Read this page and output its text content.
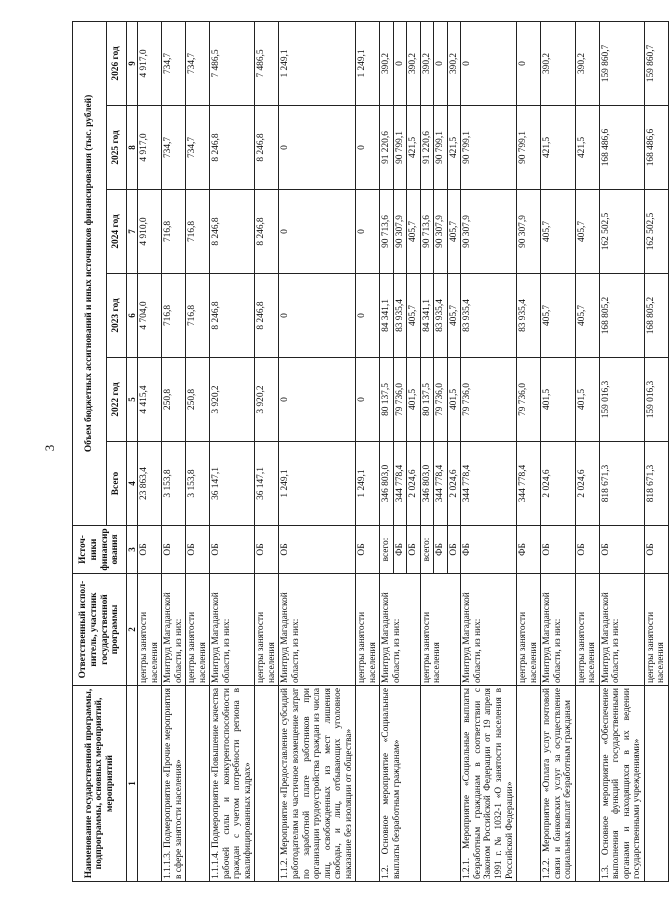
3
Наименование государственной программы, подпрограммы, основных мероприятий, мероприятий	Ответственный испол-нитель, участник государственной программы	Источ-ники финансир ования	Объем бюджетных ассигнований и иных источников финансирования (тыс. рублей)					
			Всего	2022 год	2023 год	2024 год	2025 год	2026 год
1	2	3	4	5	6	7	8	9
	центры занятости населения	ОБ	23 863,4	4 415,4	4 704,0	4 910,0	4 917,0	4 917,0
1.1.1.3. Подмероприятие «Прочие мероприятия в сфере занятости населения»	Минтруд Магаданской области, из них:	ОБ	3 153,8	250,8	716,8	716,8	734,7	734,7
	центры занятости населения	ОБ	3 153,8	250,8	716,8	716,8	734,7	734,7
1.1.1.4. Подмероприятие «Повышение качества рабочей силы и конкурентоспособности граждан с учетом потребности региона в квалифицированных кадрах»	Минтруд Магаданской области, из них:	ОБ	36 147,1	3 920,2	8 246,8	8 246,8	8 246,8	7 486,5
	центры занятости населения	ОБ	36 147,1	3 920,2	8 246,8	8 246,8	8 246,8	7 486,5
1.1.2. Мероприятие «Предоставление субсидий работодателям на частичное возмещение затрат по заработной плате работников при организации трудоустройства граждан из числа лиц, освобожденных из мест лишения свободы, и лиц, отбывающих уголовное наказание без изоляции от общества»	Минтруд Магаданской области, из них:	ОБ	1 249,1	0	0	0	0	1 249,1
	центры занятости населения	ОБ	1 249,1	0	0	0	0	1 249,1
1.2. Основное мероприятие «Социальные выплаты безработным гражданам»	Минтруд Магаданской области, из них:	всего:	346 803,0	80 137,5	84 341,1	90 713,6	91 220,6	390,2
		ФБ	344 778,4	79 736,0	83 935,4	90 307,9	90 799,1	0
		ОБ	2 024,6	401,5	405,7	405,7	421,5	390,2
	центры занятости населения	всего:	346 803,0	80 137,5	84 341,1	90 713,6	91 220,6	390,2
		ФБ	344 778,4	79 736,0	83 935,4	90 307,9	90 799,1	0
		ОБ	2 024,6	401,5	405,7	405,7	421,5	390,2
1.2.1. Мероприятие «Социальные выплаты безработным гражданам в соответствии с Законом Российской Федерации от 19 апреля 1991 г. № 1032-1 «О занятости населения в Российской Федерации»	Минтруд Магаданской области, из них:	ФБ	344 778,4	79 736,0	83 935,4	90 307,9	90 799,1	0
	центры занятости населения	ФБ	344 778,4	79 736,0	83 935,4	90 307,9	90 799,1	0
1.2.2. Мероприятие «Оплата услуг почтовой связи и банковских услуг за осуществление социальных выплат безработным гражданам	Минтруд Магаданской области, из них:	ОБ	2 024,6	401,5	405,7	405,7	421,5	390,2
	центры занятости населения	ОБ	2 024,6	401,5	405,7	405,7	421,5	390,2
1.3. Основное мероприятие «Обеспечение выполнения функций государственными органами и находящихся в их ведении государственными учреждениями»	Минтруд Магаданской области, из них:	ОБ	818 671,3	159 016,3	168 805,2	162 502,5	168 486,6	159 860,7
	центры занятости населения	ОБ	818 671,3	159 016,3	168 805,2	162 502,5	168 486,6	159 860,7
